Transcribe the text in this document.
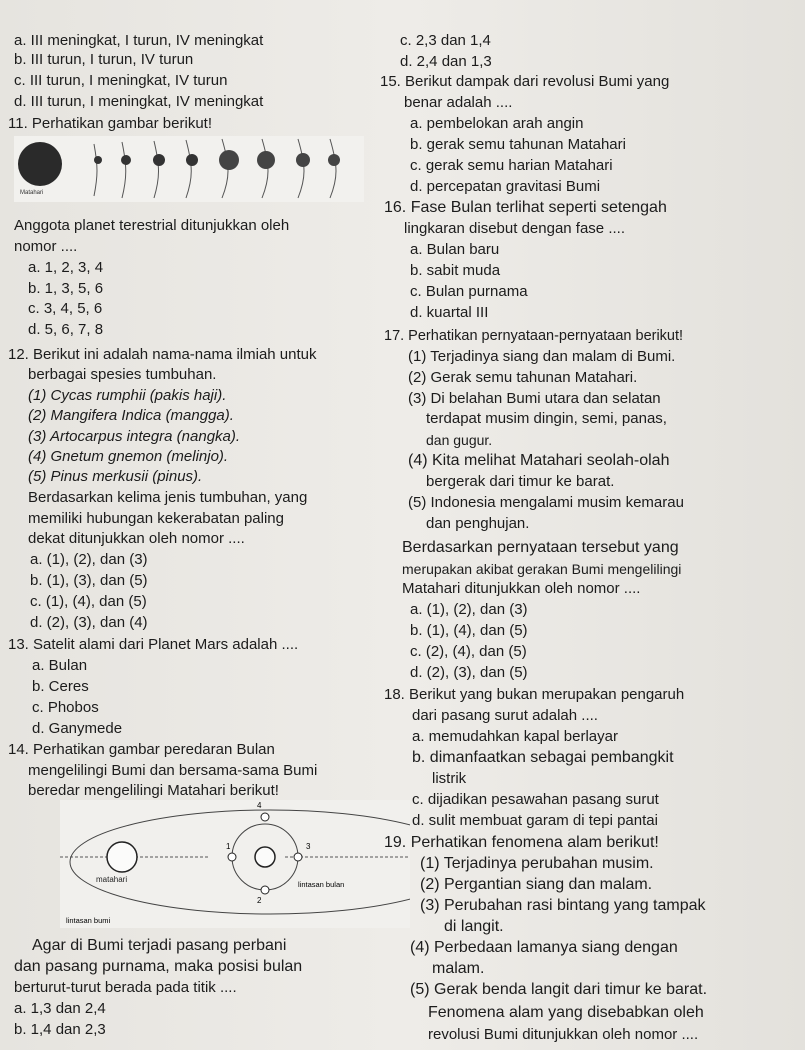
a. III meningkat, I turun, IV meningkat
b. III turun, I turun, IV turun
c. III turun, I meningkat, IV turun
d. III turun, I meningkat, IV meningkat
11. Perhatikan gambar berikut!
Matahari
Anggota planet terestrial ditunjukkan oleh
nomor ....
a. 1, 2, 3, 4
b. 1, 3, 5, 6
c. 3, 4, 5, 6
d. 5, 6, 7, 8
12. Berikut ini adalah nama-nama ilmiah untuk
berbagai spesies tumbuhan.
(1) Cycas rumphii (pakis haji).
(2) Mangifera Indica (mangga).
(3) Artocarpus integra (nangka).
(4) Gnetum gnemon (melinjo).
(5) Pinus merkusii (pinus).
Berdasarkan kelima jenis tumbuhan, yang
memiliki hubungan kekerabatan paling
dekat ditunjukkan oleh nomor ....
a. (1), (2), dan (3)
b. (1), (3), dan (5)
c. (1), (4), dan (5)
d. (2), (3), dan (4)
13. Satelit alami dari Planet Mars adalah ....
a. Bulan
b. Ceres
c. Phobos
d. Ganymede
14. Perhatikan gambar peredaran Bulan
mengelilingi Bumi dan bersama-sama Bumi
beredar mengelilingi Matahari berikut!
matahari
1
2
3
4
lintasan bulan
lintasan bumi
Agar di Bumi terjadi pasang perbani
dan pasang purnama, maka posisi bulan
berturut-turut berada pada titik ....
a. 1,3 dan 2,4
b. 1,4 dan 2,3
c. 2,3 dan 1,4
d. 2,4 dan 1,3
15. Berikut dampak dari revolusi Bumi yang
benar adalah ....
a. pembelokan arah angin
b. gerak semu tahunan Matahari
c. gerak semu harian Matahari
d. percepatan gravitasi Bumi
16. Fase Bulan terlihat seperti setengah
lingkaran disebut dengan fase ....
a. Bulan baru
b. sabit muda
c. Bulan purnama
d. kuartal III
17. Perhatikan pernyataan-pernyataan berikut!
(1) Terjadinya siang dan malam di Bumi.
(2) Gerak semu tahunan Matahari.
(3) Di belahan Bumi utara dan selatan
terdapat musim dingin, semi, panas,
dan gugur.
(4) Kita melihat Matahari seolah-olah
bergerak dari timur ke barat.
(5) Indonesia mengalami musim kemarau
dan penghujan.
Berdasarkan pernyataan tersebut yang
merupakan akibat gerakan Bumi mengelilingi
Matahari ditunjukkan oleh nomor ....
a. (1), (2), dan (3)
b. (1), (4), dan (5)
c. (2), (4), dan (5)
d. (2), (3), dan (5)
18. Berikut yang bukan merupakan pengaruh
dari pasang surut adalah ....
a. memudahkan kapal berlayar
b. dimanfaatkan sebagai pembangkit
listrik
c. dijadikan pesawahan pasang surut
d. sulit membuat garam di tepi pantai
19. Perhatikan fenomena alam berikut!
(1) Terjadinya perubahan musim.
(2) Pergantian siang dan malam.
(3) Perubahan rasi bintang yang tampak
di langit.
(4) Perbedaan lamanya siang dengan
malam.
(5) Gerak benda langit dari timur ke barat.
Fenomena alam yang disebabkan oleh
revolusi Bumi ditunjukkan oleh nomor ....
